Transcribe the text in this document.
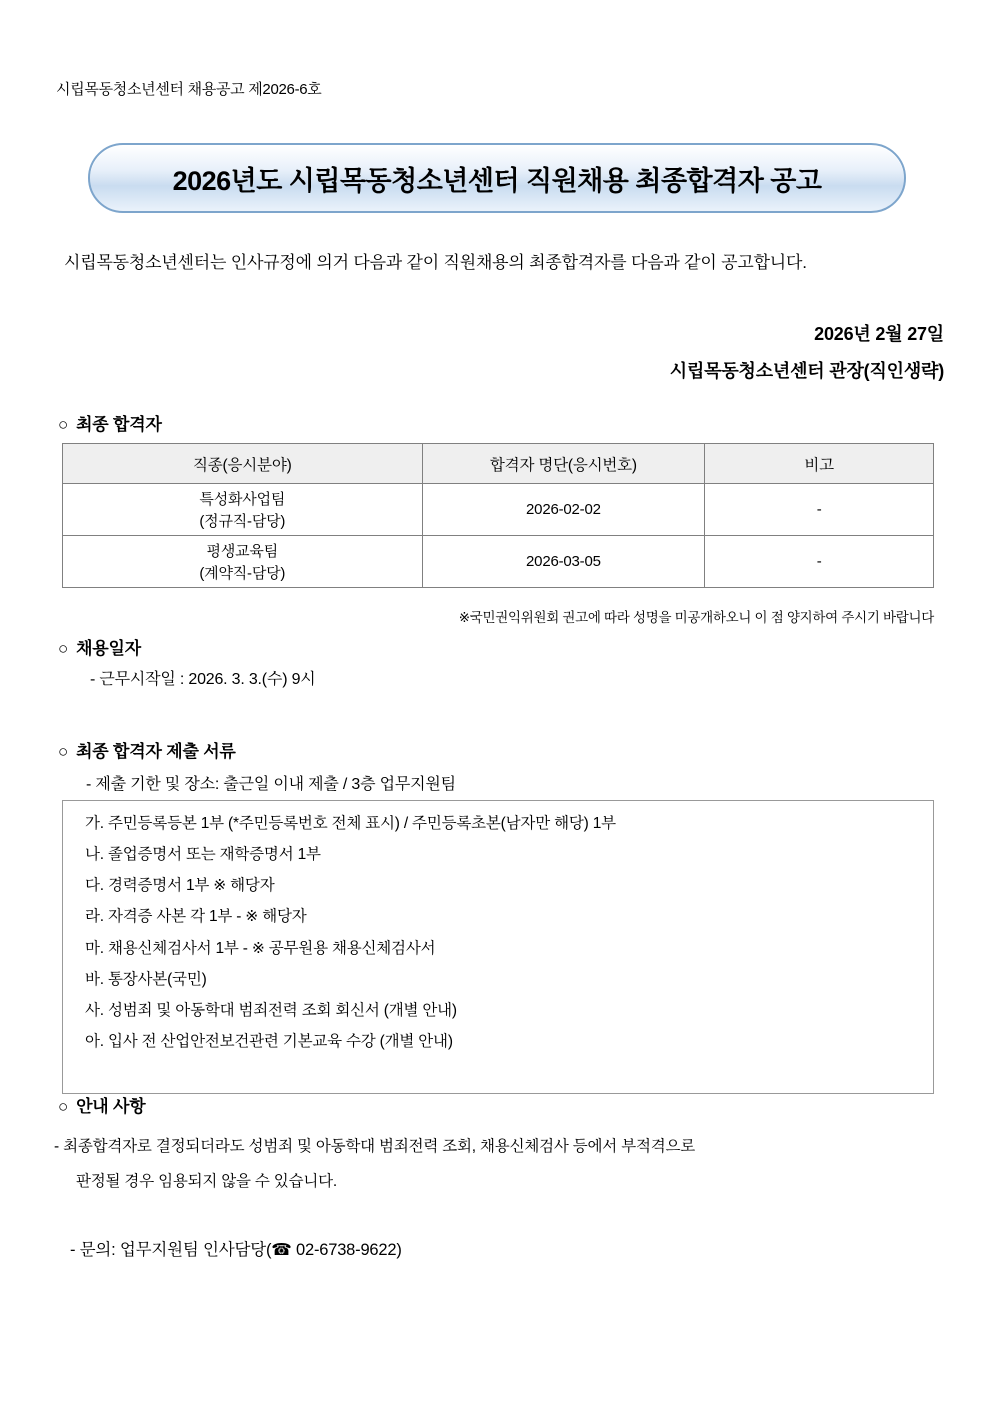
시립목동청소년센터 채용공고 제2026-6호
2026년도 시립목동청소년센터 직원채용 최종합격자 공고
시립목동청소년센터는 인사규정에 의거 다음과 같이 직원채용의 최종합격자를 다음과 같이 공고합니다.
2026년 2월 27일
시립목동청소년센터 관장(직인생략)
○ 최종 합격자
직종(응시분야)	합격자 명단(응시번호)	비고

특성화사업팀
(정규직-담당)	2026-02-02	-

평생교육팀
(계약직-담당)	2026-03-05	-
※국민권익위원회 권고에 따라 성명을 미공개하오니 이 점 양지하여 주시기 바랍니다
○ 채용일자
- 근무시작일 : 2026. 3. 3.(수) 9시
○ 최종 합격자 제출 서류
- 제출 기한 및 장소: 출근일 이내 제출 / 3층 업무지원팀
가. 주민등록등본 1부 (*주민등록번호 전체 표시) / 주민등록초본(남자만 해당) 1부
나. 졸업증명서 또는 재학증명서 1부
다. 경력증명서 1부 ※ 해당자
라. 자격증 사본 각 1부 - ※ 해당자
마. 채용신체검사서 1부 - ※ 공무원용 채용신체검사서
바. 통장사본(국민)
사. 성범죄 및 아동학대 범죄전력 조회 회신서 (개별 안내)
아. 입사 전 산업안전보건관련 기본교육 수강 (개별 안내)
○ 안내 사항
- 최종합격자로 결정되더라도 성범죄 및 아동학대 범죄전력 조회, 채용신체검사 등에서 부적격으로
판정될 경우 임용되지 않을 수 있습니다.
- 문의: 업무지원팀 인사담당(☎ 02-6738-9622)
